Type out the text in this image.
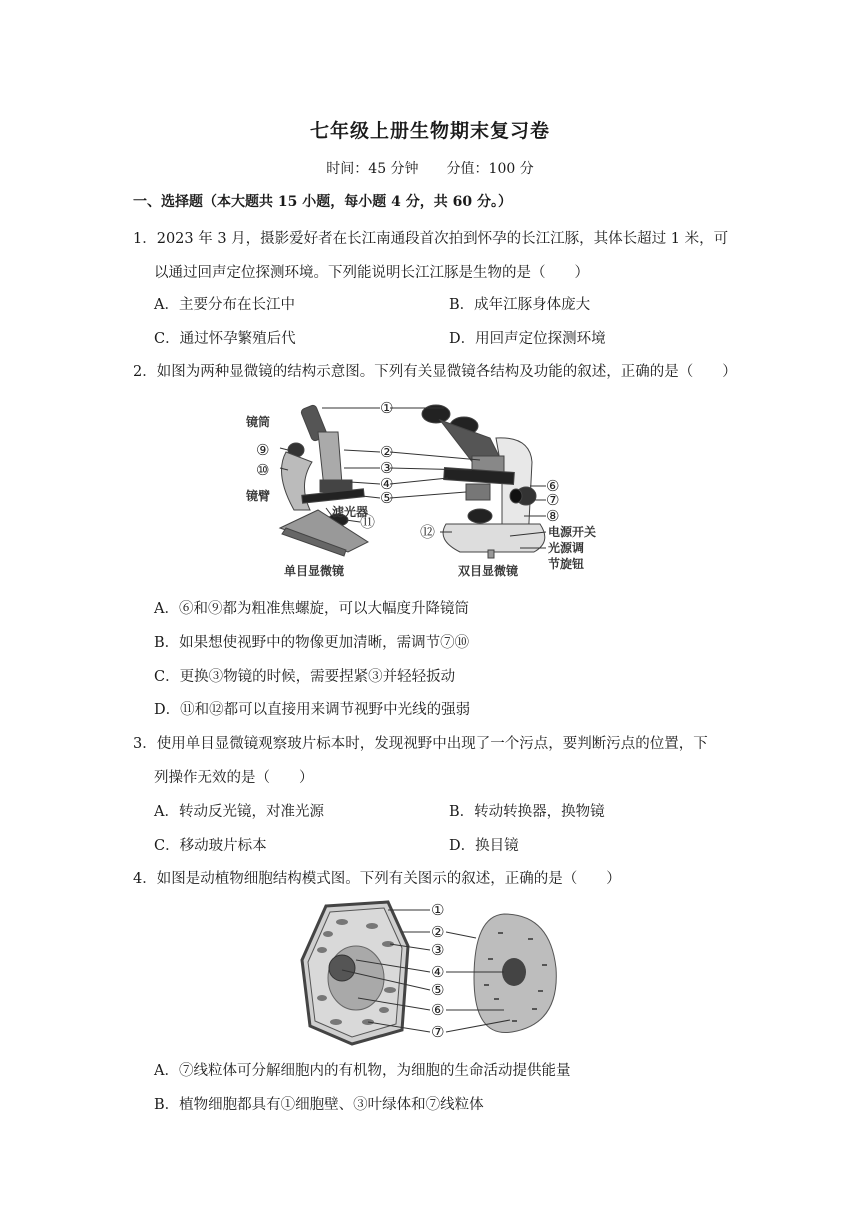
七年级上册生物期末复习卷
时间：45 分钟 分值：100 分
一、选择题（本大题共 15 小题，每小题 4 分，共 60 分。）
1．2023 年 3 月，摄影爱好者在长江南通段首次拍到怀孕的长江江豚，其体长超过 1 米，可
以通过回声定位探测环境。下列能说明长江江豚是生物的是（　　）
A．主要分布在长江中	B．成年江豚身体庞大
C．通过怀孕繁殖后代	D．用回声定位探测环境
2．如图为两种显微镜的结构示意图。下列有关显微镜各结构及功能的叙述，正确的是（　　）
镜筒
镜臂
滤光器
电源开关
光源调
节旋钮
单目显微镜	双目显微镜
①
②
③
④
⑤
⑥
⑦
⑧
⑨
⑩
⑪
⑫
A．⑥和⑨都为粗准焦螺旋，可以大幅度升降镜筒
B．如果想使视野中的物像更加清晰，需调节⑦⑩
C．更换③物镜的时候，需要捏紧③并轻轻扳动
D．⑪和⑫都可以直接用来调节视野中光线的强弱
3．使用单目显微镜观察玻片标本时，发现视野中出现了一个污点，要判断污点的位置，下
列操作无效的是（　　）
A．转动反光镜，对准光源	B．转动转换器，换物镜
C．移动玻片标本	D．换目镜
4．如图是动植物细胞结构模式图。下列有关图示的叙述，正确的是（　　）
①
②
③
④
⑤
⑥
⑦
A．⑦线粒体可分解细胞内的有机物，为细胞的生命活动提供能量
B．植物细胞都具有①细胞壁、③叶绿体和⑦线粒体
